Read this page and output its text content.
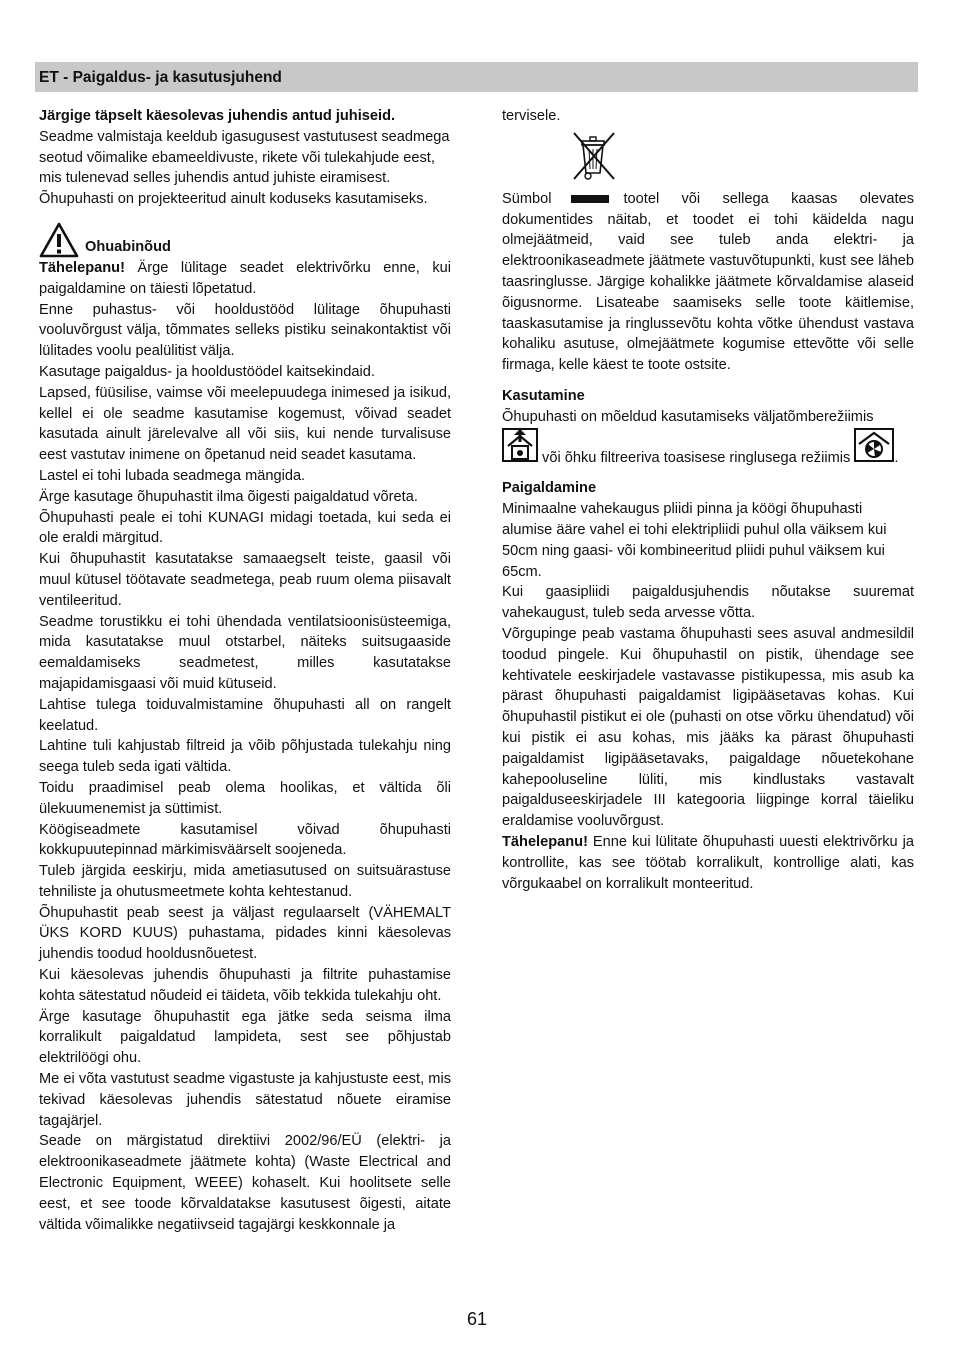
ET - Paigaldus- ja kasutusjuhend

Järgige täpselt käesolevas juhendis antud juhiseid.

Seadme valmistaja keeldub igasugusest vastutusest seadmega seotud võimalike ebameeldivuste, rikete või tulekahjude eest, mis tulenevad selles juhendis antud juhiste eiramisest. Õhupuhasti on projekteeritud ainult koduseks kasutamiseks.

Ohuabinõud

Tähelepanu! Ärge lülitage seadet elektrivõrku enne, kui paigaldamine on täiesti lõpetatud.

Enne puhastus- või hooldustööd lülitage õhupuhasti vooluvõrgust välja, tõmmates selleks pistiku seinakontaktist või lülitades voolu pealülitist välja.

Kasutage paigaldus- ja hooldustöödel kaitsekindaid.

Lapsed, füüsilise, vaimse või meelepuudega inimesed ja isikud, kellel ei ole seadme kasutamise kogemust, võivad seadet kasutada ainult järelevalve all või siis, kui nende turvalisuse eest vastutav inimene on õpetanud neid seadet kasutama.

Lastel ei tohi lubada seadmega mängida.

Ärge kasutage õhupuhastit ilma õigesti paigaldatud võreta.

Õhupuhasti peale ei tohi KUNAGI midagi toetada, kui seda ei ole eraldi märgitud.

Kui õhupuhastit kasutatakse samaaegselt teiste, gaasil või muul kütusel töötavate seadmetega, peab ruum olema piisavalt ventileeritud.

Seadme torustikku ei tohi ühendada ventilatsioonisüsteemiga, mida kasutatakse muul otstarbel, näiteks suitsugaaside eemaldamiseks seadmetest, milles kasutatakse majapidamisgaasi või muid kütuseid.

Lahtise tulega toiduvalmistamine õhupuhasti all on rangelt keelatud.

Lahtine tuli kahjustab filtreid ja võib põhjustada tulekahju ning seega tuleb seda igati vältida.

Toidu praadimisel peab olema hoolikas, et vältida õli ülekuumenemist ja süttimist.

Köögiseadmete kasutamisel võivad õhupuhasti kokkupuutepinnad märkimisväärselt soojeneda.

Tuleb järgida eeskirju, mida ametiasutused on suitsuärastuse tehniliste ja ohutusmeetmete kohta kehtestanud.

Õhupuhastit peab seest ja väljast regulaarselt (VÄHEMALT ÜKS KORD KUUS) puhastama, pidades kinni käesolevas juhendis toodud hooldusnõuetest.

Kui käesolevas juhendis õhupuhasti ja filtrite puhastamise kohta sätestatud nõudeid ei täideta, võib tekkida tulekahju oht.

Ärge kasutage õhupuhastit ega jätke seda seisma ilma korralikult paigaldatud lampideta, sest see põhjustab elektrilöögi ohu.

Me ei võta vastutust seadme vigastuste ja kahjustuste eest, mis tekivad käesolevas juhendis sätestatud nõuete eiramise tagajärjel.

Seade on märgistatud direktiivi 2002/96/EÜ (elektri- ja elektroonikaseadmete jäätmete kohta) (Waste Electrical and Electronic Equipment, WEEE) kohaselt. Kui hoolitsete selle eest, et see toode kõrvaldatakse kasutusest õigesti, aitate vältida võimalikke negatiivseid tagajärgi keskkonnale ja

tervisele.

Sümbol	tootel või sellega kaasas olevates dokumentides näitab, et toodet ei tohi käidelda nagu olmejäätmeid, vaid see tuleb anda elektri- ja elektroonikaseadmete jäätmete vastuvõtupunkti, kust see läheb taasringlusse. Järgige kohalikke jäätmete kõrvaldamise alaseid õigusnorme. Lisateabe saamiseks selle toote käitlemise, taaskasutamise ja ringlussevõtu kohta võtke ühendust vastava kohaliku asutuse, olmejäätmete kogumise ettevõtte või selle firmaga, kelle käest te toote ostsite.

Kasutamine

Õhupuhasti on mõeldud kasutamiseks väljatõmberežiimis
või õhku filtreeriva toasisese ringlusega režiimis	.

Paigaldamine

Minimaalne vahekaugus pliidi pinna ja köögi õhupuhasti alumise ääre vahel ei tohi elektripliidi puhul olla väiksem kui 50cm ning gaasi- või kombineeritud pliidi puhul väiksem kui 65cm.

Kui gaasipliidi paigaldusjuhendis nõutakse suuremat vahekaugust, tuleb seda arvesse võtta.

Võrgupinge peab vastama õhupuhasti sees asuval andmesildil toodud pingele. Kui õhupuhastil on pistik, ühendage see kehtivatele eeskirjadele vastavasse pistikupessa, mis asub ka pärast õhupuhasti paigaldamist ligipääsetavas kohas. Kui õhupuhastil pistikut ei ole (puhasti on otse võrku ühendatud) või kui pistik ei asu kohas, mis jääks ka pärast õhupuhasti paigaldamist ligipääsetavaks, paigaldage nõuetekohane kahepooluseline lüliti, mis kindlustaks vastavalt paigalduseeskirjadele III kategooria liigpinge korral täieliku eraldamise vooluvõrgust.

Tähelepanu! Enne kui lülitate õhupuhasti uuesti elektrivõrku ja kontrollite, kas see töötab korralikult, kontrollige alati, kas võrgukaabel on korralikult monteeritud.

61
